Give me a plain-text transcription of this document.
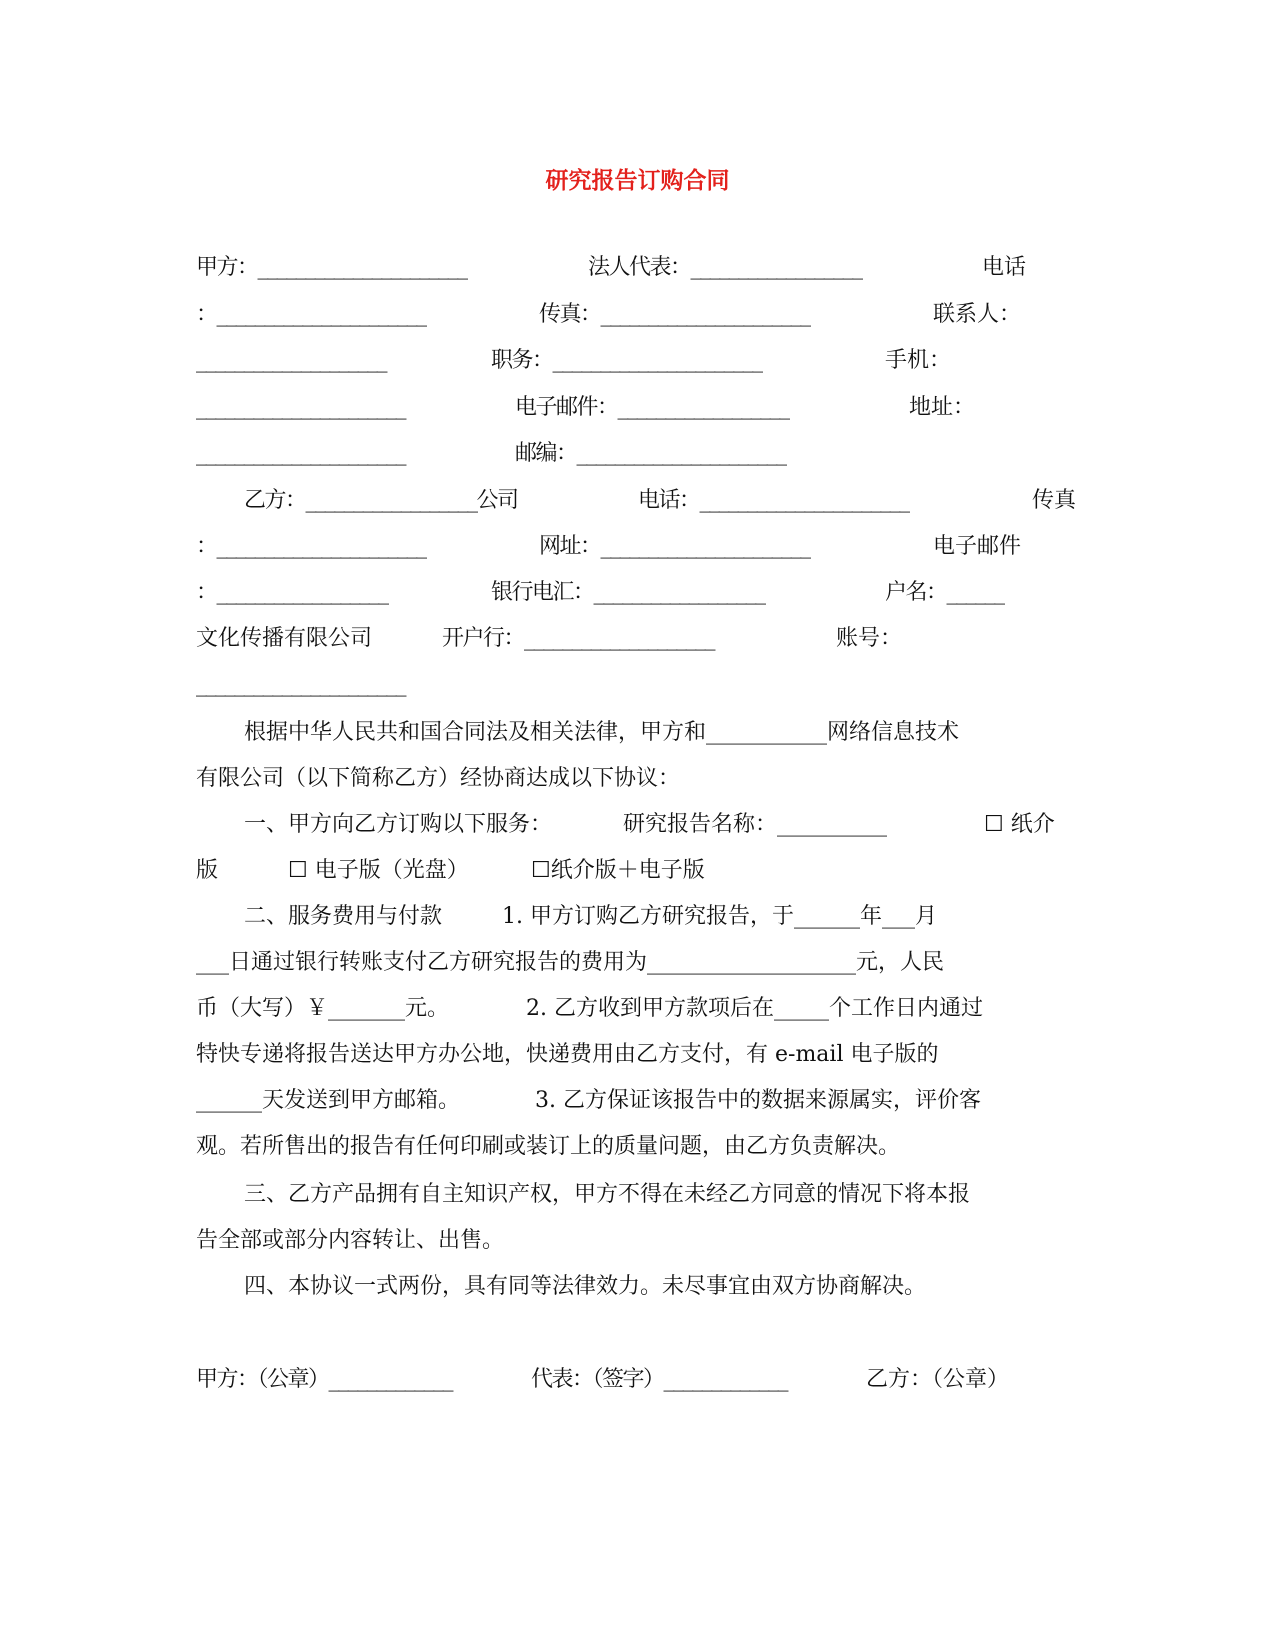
研究报告订购合同
甲方：______________________	法人代表：__________________	电话
：______________________	传真：______________________	联系人：
____________________	职务：______________________	手机：
______________________	电子邮件：__________________	地址：
______________________	邮编：______________________
乙方：__________________公司	电话：______________________	传真
：______________________	网址：______________________	电子邮件
：__________________	银行电汇：__________________	户名：______
文化传播有限公司	开户行：____________________	账号：
______________________
根据中华人民共和国合同法及相关法律，甲方和___________网络信息技术
有限公司（以下简称乙方）经协商达成以下协议：
一、甲方向乙方订购以下服务：	研究报告名称：__________	☐ 纸介
版	☐ 电子版（光盘）	☐纸介版＋电子版
二、服务费用与付款	1. 甲方订购乙方研究报告，于______年___月
___日通过银行转账支付乙方研究报告的费用为___________________元，人民
币（大写）￥_______元。	2. 乙方收到甲方款项后在_____个工作日内通过
特快专递将报告送达甲方办公地，快递费用由乙方支付，有 e-mail 电子版的
______天发送到甲方邮箱。	3. 乙方保证该报告中的数据来源属实，评价客
观。若所售出的报告有任何印刷或装订上的质量问题，由乙方负责解决。
三、乙方产品拥有自主知识产权，甲方不得在未经乙方同意的情况下将本报
告全部或部分内容转让、出售。
四、本协议一式两份，具有同等法律效力。未尽事宜由双方协商解决。
甲方：（公章）_____________	代表：（签字）_____________	乙方：（公章）
